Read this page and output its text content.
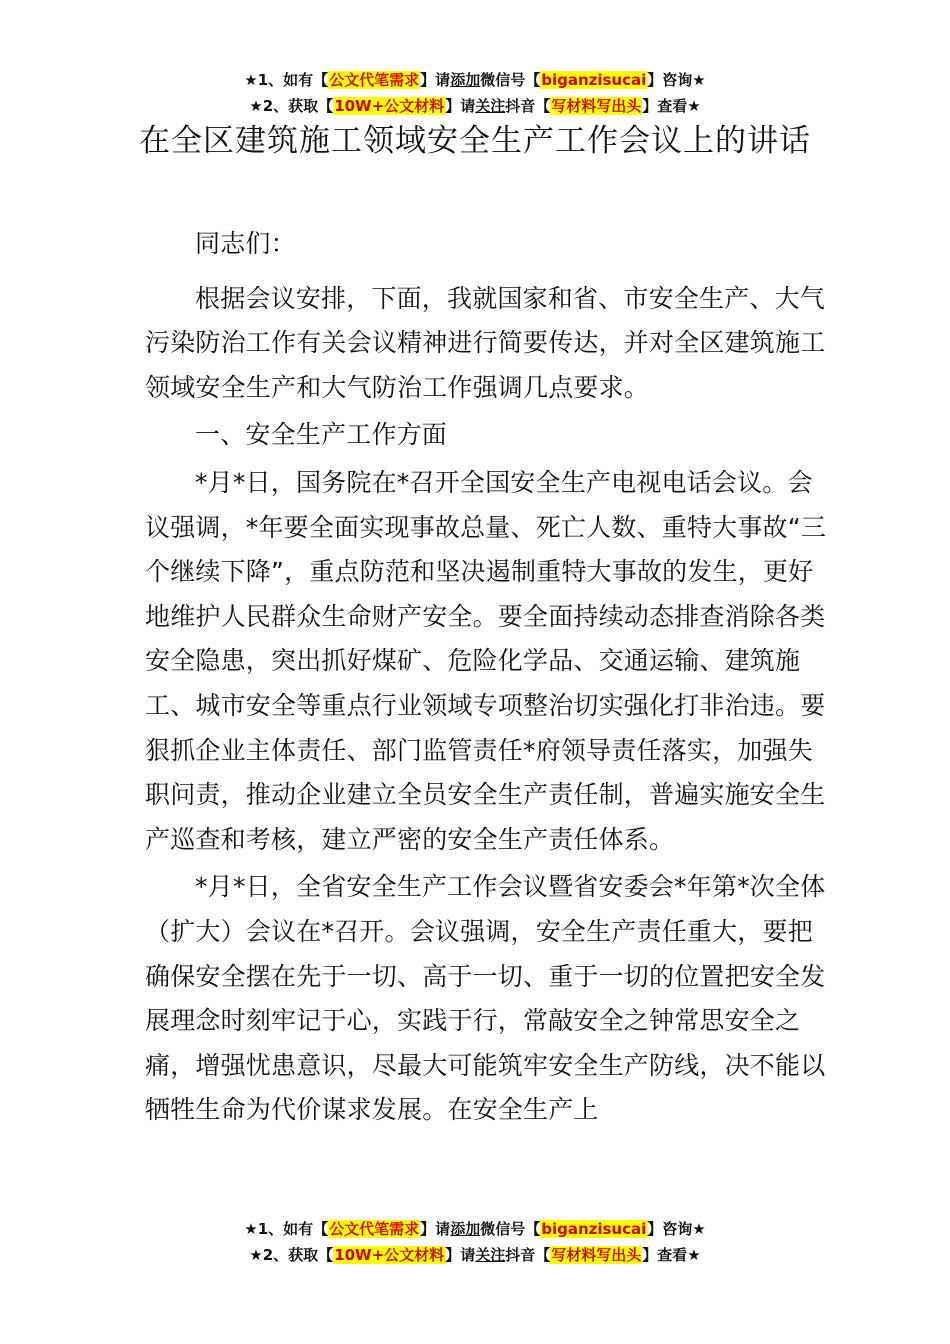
★1、如有【公文代笔需求】请添加微信号【biganzisucai】咨询★
★2、获取【10W+公文材料】请关注抖音【写材料写出头】查看★
在全区建筑施工领域安全生产工作会议上的讲话

同志们：

根据会议安排，下面，我就国家和省、市安全生产、大气污染防治工作有关会议精神进行简要传达，并对全区建筑施工领域安全生产和大气防治工作强调几点要求。

一、安全生产工作方面

*月*日，国务院在*召开全国安全生产电视电话会议。会议强调，*年要全面实现事故总量、死亡人数、重特大事故“三个继续下降”，重点防范和坚决遏制重特大事故的发生，更好地维护人民群众生命财产安全。要全面持续动态排查消除各类安全隐患，突出抓好煤矿、危险化学品、交通运输、建筑施工、城市安全等重点行业领域专项整治切实强化打非治违。要狠抓企业主体责任、部门监管责任*府领导责任落实，加强失职问责，推动企业建立全员安全生产责任制，普遍实施安全生产巡查和考核，建立严密的安全生产责任体系。

*月*日，全省安全生产工作会议暨省安委会*年第*次全体（扩大）会议在*召开。会议强调，安全生产责任重大，要把确保安全摆在先于一切、高于一切、重于一切的位置把安全发展理念时刻牢记于心，实践于行，常敲安全之钟常思安全之痛，增强忧患意识，尽最大可能筑牢安全生产防线，决不能以牺牲生命为代价谋求发展。在安全生产上

★1、如有【公文代笔需求】请添加微信号【biganzisucai】咨询★
★2、获取【10W+公文材料】请关注抖音【写材料写出头】查看★
